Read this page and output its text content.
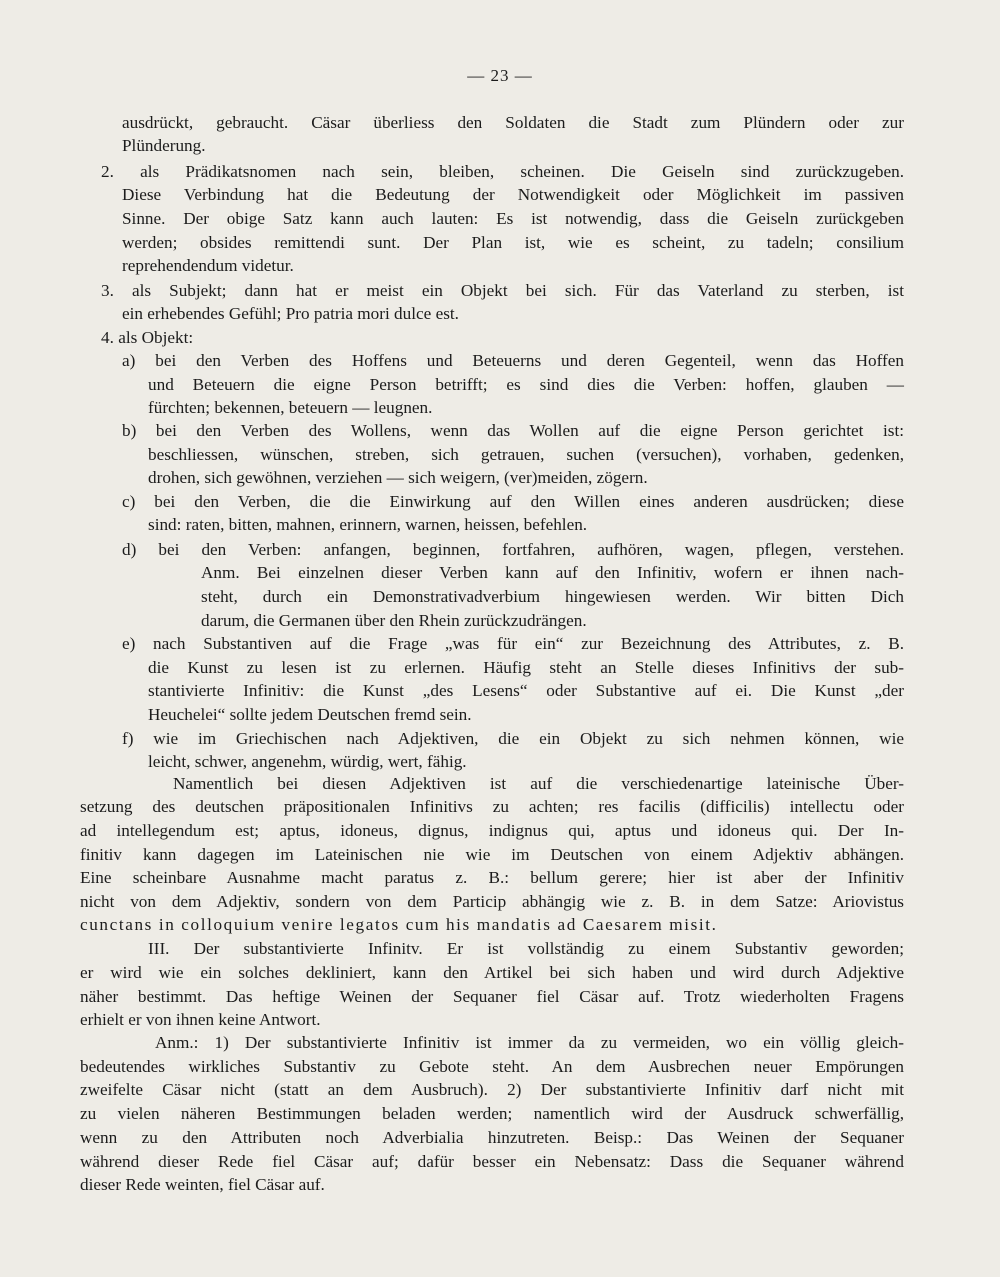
— 23 —

ausdrückt, gebraucht. Cäsar überliess den Soldaten die Stadt zum Plündern oder zur

Plünderung.

2. als Prädikatsnomen nach sein, bleiben, scheinen. Die Geiseln sind zurückzugeben.

Diese Verbindung hat die Bedeutung der Notwendigkeit oder Möglichkeit im passiven

Sinne. Der obige Satz kann auch lauten: Es ist notwendig, dass die Geiseln zurückgeben

werden; obsides remittendi sunt. Der Plan ist, wie es scheint, zu tadeln; consilium

reprehendendum videtur.

3. als Subjekt; dann hat er meist ein Objekt bei sich. Für das Vaterland zu sterben, ist

ein erhebendes Gefühl; Pro patria mori dulce est.

4. als Objekt:

a) bei den Verben des Hoffens und Beteuerns und deren Gegenteil, wenn das Hoffen

und Beteuern die eigne Person betrifft; es sind dies die Verben: hoffen, glauben —

fürchten; bekennen, beteuern — leugnen.

b) bei den Verben des Wollens, wenn das Wollen auf die eigne Person gerichtet ist:

beschliessen, wünschen, streben, sich getrauen, suchen (versuchen), vorhaben, gedenken,

drohen, sich gewöhnen, verziehen — sich weigern, (ver)meiden, zögern.

c) bei den Verben, die die Einwirkung auf den Willen eines anderen ausdrücken; diese

sind: raten, bitten, mahnen, erinnern, warnen, heissen, befehlen.

d) bei den Verben: anfangen, beginnen, fortfahren, aufhören, wagen, pflegen, verstehen.

Anm. Bei einzelnen dieser Verben kann auf den Infinitiv, wofern er ihnen nach-

steht, durch ein Demonstrativadverbium hingewiesen werden. Wir bitten Dich

darum, die Germanen über den Rhein zurückzudrängen.

e) nach Substantiven auf die Frage „was für ein“ zur Bezeichnung des Attributes, z. B.

die Kunst zu lesen ist zu erlernen. Häufig steht an Stelle dieses Infinitivs der sub-

stantivierte Infinitiv: die Kunst „des Lesens“ oder Substantive auf ei. Die Kunst „der

Heuchelei“ sollte jedem Deutschen fremd sein.

f) wie im Griechischen nach Adjektiven, die ein Objekt zu sich nehmen können, wie

leicht, schwer, angenehm, würdig, wert, fähig.

Namentlich bei diesen Adjektiven ist auf die verschiedenartige lateinische Über-

setzung des deutschen präpositionalen Infinitivs zu achten; res facilis (difficilis) intellectu oder

ad intellegendum est; aptus, idoneus, dignus, indignus qui, aptus und idoneus qui. Der In-

finitiv kann dagegen im Lateinischen nie wie im Deutschen von einem Adjektiv abhängen.

Eine scheinbare Ausnahme macht paratus z. B.: bellum gerere; hier ist aber der Infinitiv

nicht von dem Adjektiv, sondern von dem Particip abhängig wie z. B. in dem Satze: Ariovistus

cunctans in colloquium venire legatos cum his mandatis ad Caesarem misit.

III. Der substantivierte Infinitv. Er ist vollständig zu einem Substantiv geworden;

er wird wie ein solches dekliniert, kann den Artikel bei sich haben und wird durch Adjektive

näher bestimmt. Das heftige Weinen der Sequaner fiel Cäsar auf. Trotz wiederholten Fragens

erhielt er von ihnen keine Antwort.

Anm.: 1) Der substantivierte Infinitiv ist immer da zu vermeiden, wo ein völlig gleich-

bedeutendes wirkliches Substantiv zu Gebote steht. An dem Ausbrechen neuer Empörungen

zweifelte Cäsar nicht (statt an dem Ausbruch). 2) Der substantivierte Infinitiv darf nicht mit

zu vielen näheren Bestimmungen beladen werden; namentlich wird der Ausdruck schwerfällig,

wenn zu den Attributen noch Adverbialia hinzutreten. Beisp.: Das Weinen der Sequaner

während dieser Rede fiel Cäsar auf; dafür besser ein Nebensatz: Dass die Sequaner während

dieser Rede weinten, fiel Cäsar auf.
